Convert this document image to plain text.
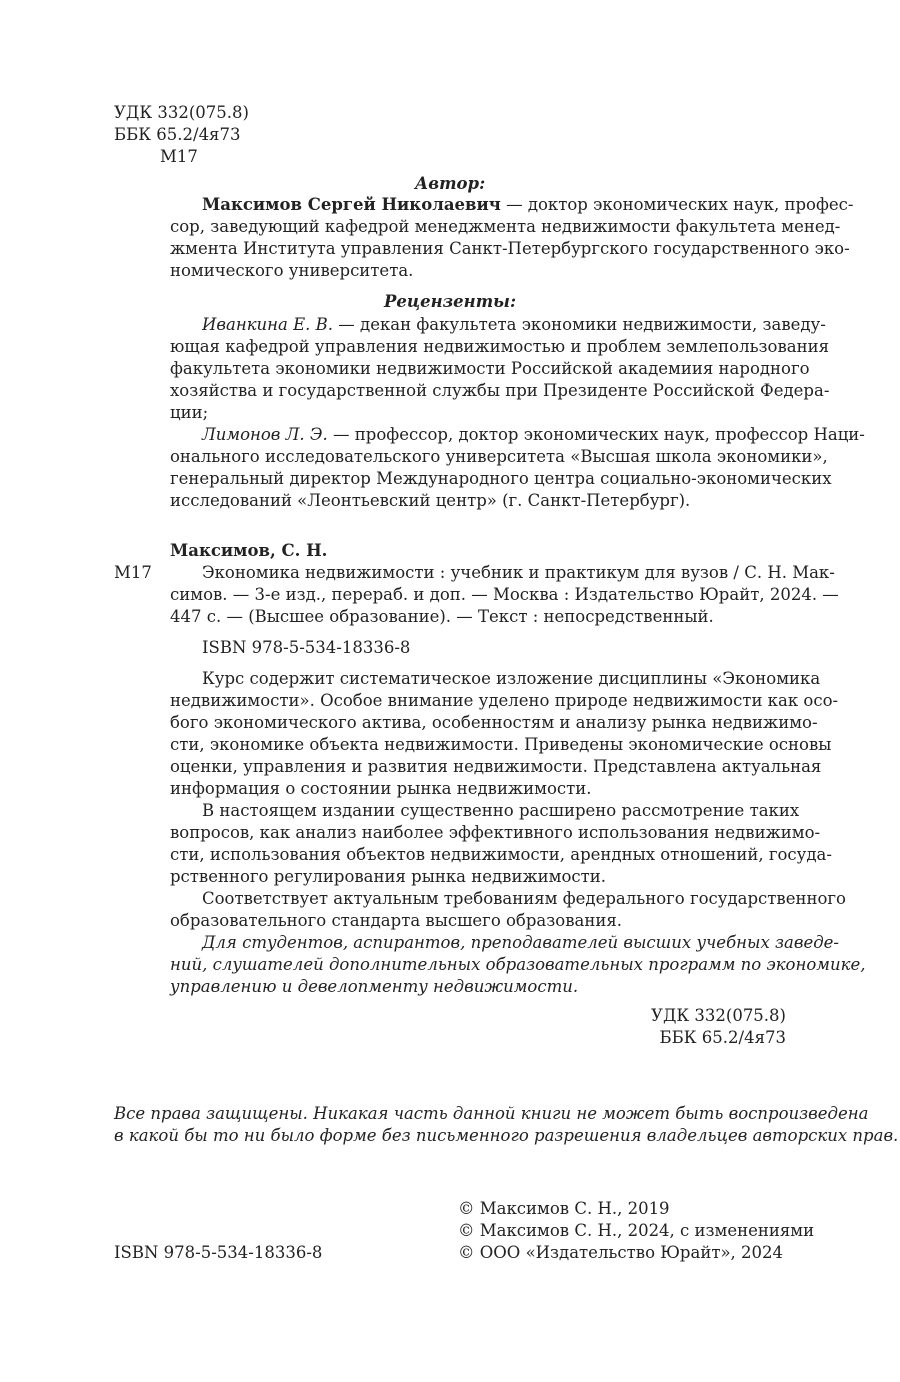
УДК 332(075.8)
ББК 65.2/4я73
М17
Автор:
Максимов Сергей Николаевич — доктор экономических наук, профес-
сор, заведующий кафедрой менеджмента недвижимости факультета менед-
жмента Института управления Санкт-Петербургского государственного эко-
номического университета.
Рецензенты:
Иванкина Е. В. — декан факультета экономики недвижимости, заведу-
ющая кафедрой управления недвижимостью и проблем землепользования
факультета экономики недвижимости Российской академиия народного
хозяйства и государственной службы при Президенте Российской Федера-
ции;
Лимонов Л. Э. — профессор, доктор экономических наук, профессор Наци-
онального исследовательского университета «Высшая школа экономики»,
генеральный директор Международного центра социально-экономических
исследований «Леонтьевский центр» (г. Санкт-Петербург).
Максимов, С. Н.
М17	Экономика недвижимости : учебник и практикум для вузов / С. Н. Мак-
симов. — 3-е изд., перераб. и доп. — Москва : Издательство Юрайт, 2024. —
447 с. — (Высшее образование). — Текст : непосредственный.
ISBN 978-5-534-18336-8
Курс содержит систематическое изложение дисциплины «Экономика
недвижимости». Особое внимание уделено природе недвижимости как осо-
бого экономического актива, особенностям и анализу рынка недвижимо-
сти, экономике объекта недвижимости. Приведены экономические основы
оценки, управления и развития недвижимости. Представлена актуальная
информация о состоянии рынка недвижимости.
В настоящем издании существенно расширено рассмотрение таких
вопросов, как анализ наиболее эффективного использования недвижимо-
сти, использования объектов недвижимости, арендных отношений, госуда-
рственного регулирования рынка недвижимости.
Соответствует актуальным требованиям федерального государственного
образовательного стандарта высшего образования.
Для студентов, аспирантов, преподавателей высших учебных заведе-
ний, слушателей дополнительных образовательных программ по экономике,
управлению и девелопменту недвижимости.
УДК 332(075.8)
ББК 65.2/4я73
Все права защищены. Никакая часть данной книги не может быть воспроизведена
в какой бы то ни было форме без письменного разрешения владельцев авторских прав.
© Максимов С. Н., 2019
© Максимов С. Н., 2024, с изменениями
© ООО «Издательство Юрайт», 2024
ISBN 978-5-534-18336-8
